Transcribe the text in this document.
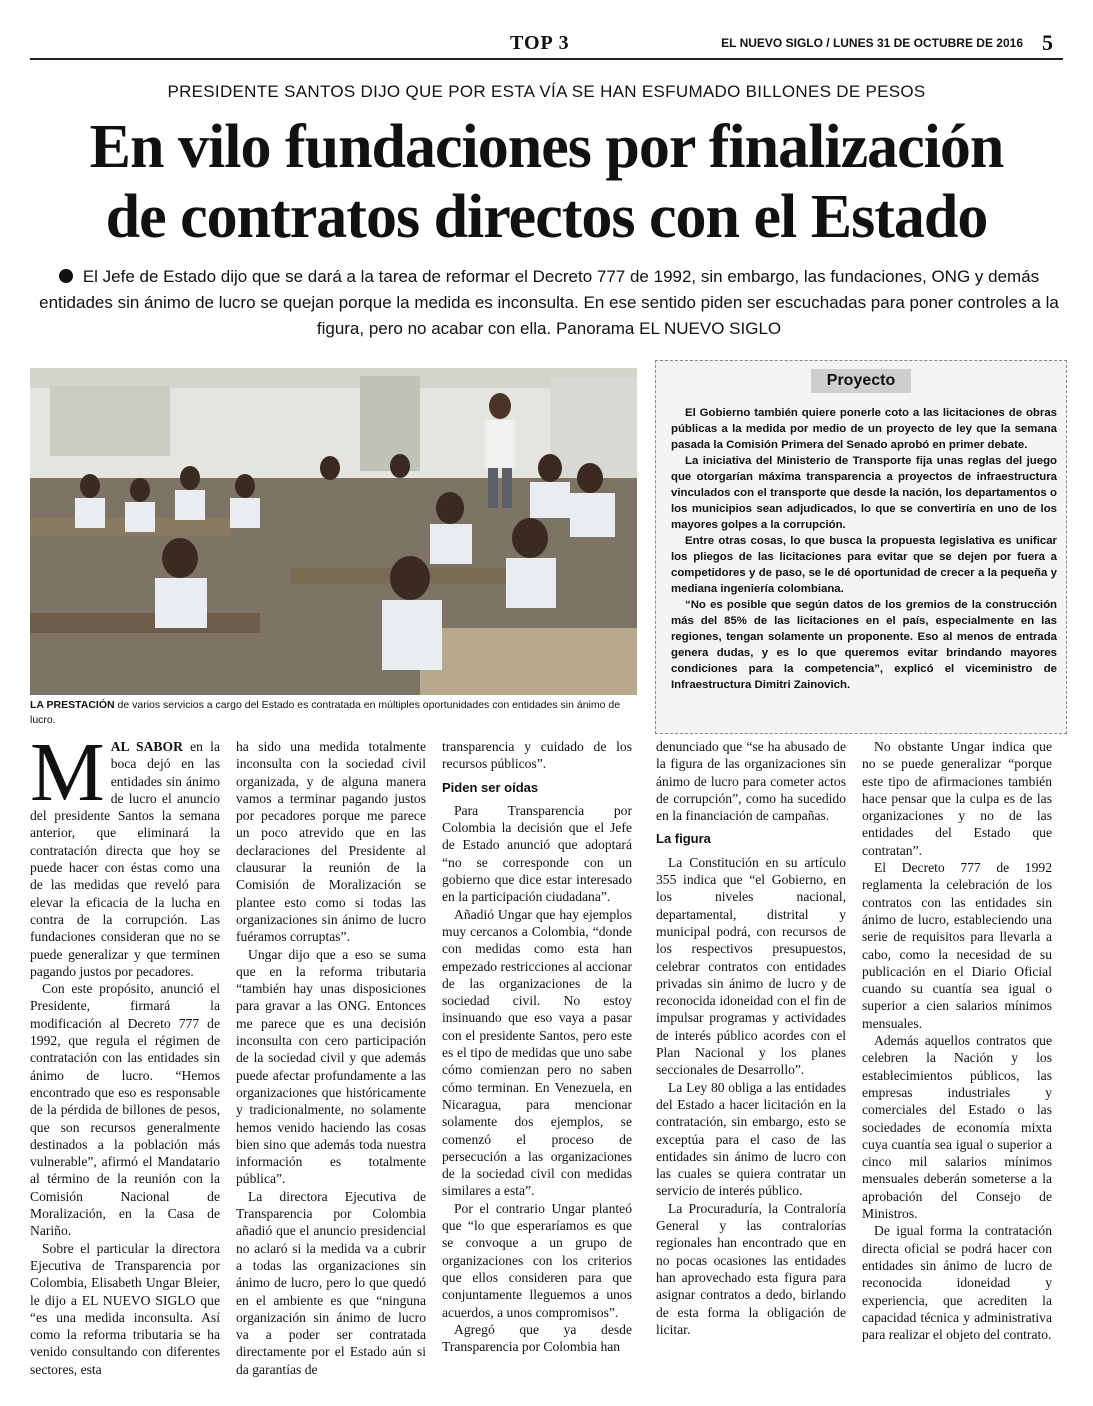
TOP 3	EL NUEVO SIGLO / LUNES 31 DE OCTUBRE DE 2016 5
PRESIDENTE SANTOS DIJO QUE POR ESTA VÍA SE HAN ESFUMADO BILLONES DE PESOS
En vilo fundaciones por finalización
de contratos directos con el Estado

El Jefe de Estado dijo que se dará a la tarea de reformar el Decreto 777 de 1992, sin embargo, las fundaciones, ONG y demás entidades sin ánimo de lucro se quejan porque la medida es inconsulta. En ese sentido piden ser escuchadas para poner controles a la figura, pero no acabar con ella. Panorama EL NUEVO SIGLO

LA PRESTACIÓN de varios servicios a cargo del Estado es contratada en múltiples oportunidades con entidades sin ánimo de lucro.

Proyecto

El Gobierno también quiere ponerle coto a las licitaciones de obras públicas a la medida por medio de un proyecto de ley que la semana pasada la Comisión Primera del Senado aprobó en primer debate.

La iniciativa del Ministerio de Transporte fija unas reglas del juego que otorgarían máxima transparencia a proyectos de infraestructura vinculados con el transporte que desde la nación, los departamentos o los municipios sean adjudicados, lo que se convertiría en uno de los mayores golpes a la corrupción.

Entre otras cosas, lo que busca la propuesta legislativa es unificar los pliegos de las licitaciones para evitar que se dejen por fuera a competidores y de paso, se le dé oportunidad de crecer a la pequeña y mediana ingeniería colombiana.

“No es posible que según datos de los gremios de la construcción más del 85% de las licitaciones en el país, especialmente en las regiones, tengan solamente un proponente. Eso al menos de entrada genera dudas, y es lo que queremos evitar brindando mayores condiciones para la competencia”, explicó el viceministro de Infraestructura Dimitri Zainovich.

MAL SABOR en la boca dejó en las entidades sin ánimo de lucro el anuncio del presidente Santos la semana anterior, que eliminará la contratación directa que hoy se puede hacer con éstas como una de las medidas que reveló para elevar la eficacia de la lucha en contra de la corrupción. Las fundaciones consideran que no se puede generalizar y que terminen pagando justos por pecadores.

Con este propósito, anunció el Presidente, firmará la modificación al Decreto 777 de 1992, que regula el régimen de contratación con las entidades sin ánimo de lucro. “Hemos encontrado que eso es responsable de la pérdida de billones de pesos, que son recursos generalmente destinados a la población más vulnerable”, afirmó el Mandatario al término de la reunión con la Comisión Nacional de Moralización, en la Casa de Nariño.

Sobre el particular la directora Ejecutiva de Transparencia por Colombia, Elisabeth Ungar Bleier, le dijo a EL NUEVO SIGLO que “es una medida inconsulta. Así como la reforma tributaria se ha venido consultando con diferentes sectores, esta

ha sido una medida totalmente inconsulta con la sociedad civil organizada, y de alguna manera vamos a terminar pagando justos por pecadores porque me parece un poco atrevido que en las declaraciones del Presidente al clausurar la reunión de la Comisión de Moralización se plantee esto como si todas las organizaciones sin ánimo de lucro fuéramos corruptas”.

Ungar dijo que a eso se suma que en la reforma tributaria “también hay unas disposiciones para gravar a las ONG. Entonces me parece que es una decisión inconsulta con cero participación de la sociedad civil y que además puede afectar profundamente a las organizaciones que históricamente y tradicionalmente, no solamente hemos venido haciendo las cosas bien sino que además toda nuestra información es totalmente pública”.

La directora Ejecutiva de Transparencia por Colombia añadió que el anuncio presidencial no aclaró si la medida va a cubrir a todas las organizaciones sin ánimo de lucro, pero lo que quedó en el ambiente es que “ninguna organización sin ánimo de lucro va a poder ser contratada directamente por el Estado aún si da garantías de

transparencia y cuidado de los recursos públicos”.

Piden ser oídas

Para Transparencia por Colombia la decisión que el Jefe de Estado anunció que adoptará “no se corresponde con un gobierno que dice estar interesado en la participación ciudadana”.

Añadió Ungar que hay ejemplos muy cercanos a Colombia, “donde con medidas como esta han empezado restricciones al accionar de las organizaciones de la sociedad civil. No estoy insinuando que eso vaya a pasar con el presidente Santos, pero este es el tipo de medidas que uno sabe cómo comienzan pero no saben cómo terminan. En Venezuela, en Nicaragua, para mencionar solamente dos ejemplos, se comenzó el proceso de persecución a las organizaciones de la sociedad civil con medidas similares a esta”.

Por el contrario Ungar planteó que “lo que esperaríamos es que se convoque a un grupo de organizaciones con los criterios que ellos consideren para que conjuntamente lleguemos a unos acuerdos, a unos compromisos”.

Agregó que ya desde Transparencia por Colombia han

denunciado que “se ha abusado de la figura de las organizaciones sin ánimo de lucro para cometer actos de corrupción”, como ha sucedido en la financiación de campañas.

La figura

La Constitución en su artículo 355 indica que “el Gobierno, en los niveles nacional, departamental, distrital y municipal podrá, con recursos de los respectivos presupuestos, celebrar contratos con entidades privadas sin ánimo de lucro y de reconocida idoneidad con el fin de impulsar programas y actividades de interés público acordes con el Plan Nacional y los planes seccionales de Desarrollo”.

La Ley 80 obliga a las entidades del Estado a hacer licitación en la contratación, sin embargo, esto se exceptúa para el caso de las entidades sin ánimo de lucro con las cuales se quiera contratar un servicio de interés público.

La Procuraduría, la Contraloría General y las contralorías regionales han encontrado que en no pocas ocasiones las entidades han aprovechado esta figura para asignar contratos a dedo, birlando de esta forma la obligación de licitar.

No obstante Ungar indica que no se puede generalizar “porque este tipo de afirmaciones también hace pensar que la culpa es de las organizaciones y no de las entidades del Estado que contratan”.

El Decreto 777 de 1992 reglamenta la celebración de los contratos con las entidades sin ánimo de lucro, estableciendo una serie de requisitos para llevarla a cabo, como la necesidad de su publicación en el Diario Oficial cuando su cuantía sea igual o superior a cien salarios mínimos mensuales.

Además aquellos contratos que celebren la Nación y los establecimientos públicos, las empresas industriales y comerciales del Estado o las sociedades de economía mixta cuya cuantía sea igual o superior a cinco mil salarios mínimos mensuales deberán someterse a la aprobación del Consejo de Ministros.

De igual forma la contratación directa oficial se podrá hacer con entidades sin ánimo de lucro de reconocida idoneidad y experiencia, que acrediten la capacidad técnica y administrativa para realizar el objeto del contrato.
